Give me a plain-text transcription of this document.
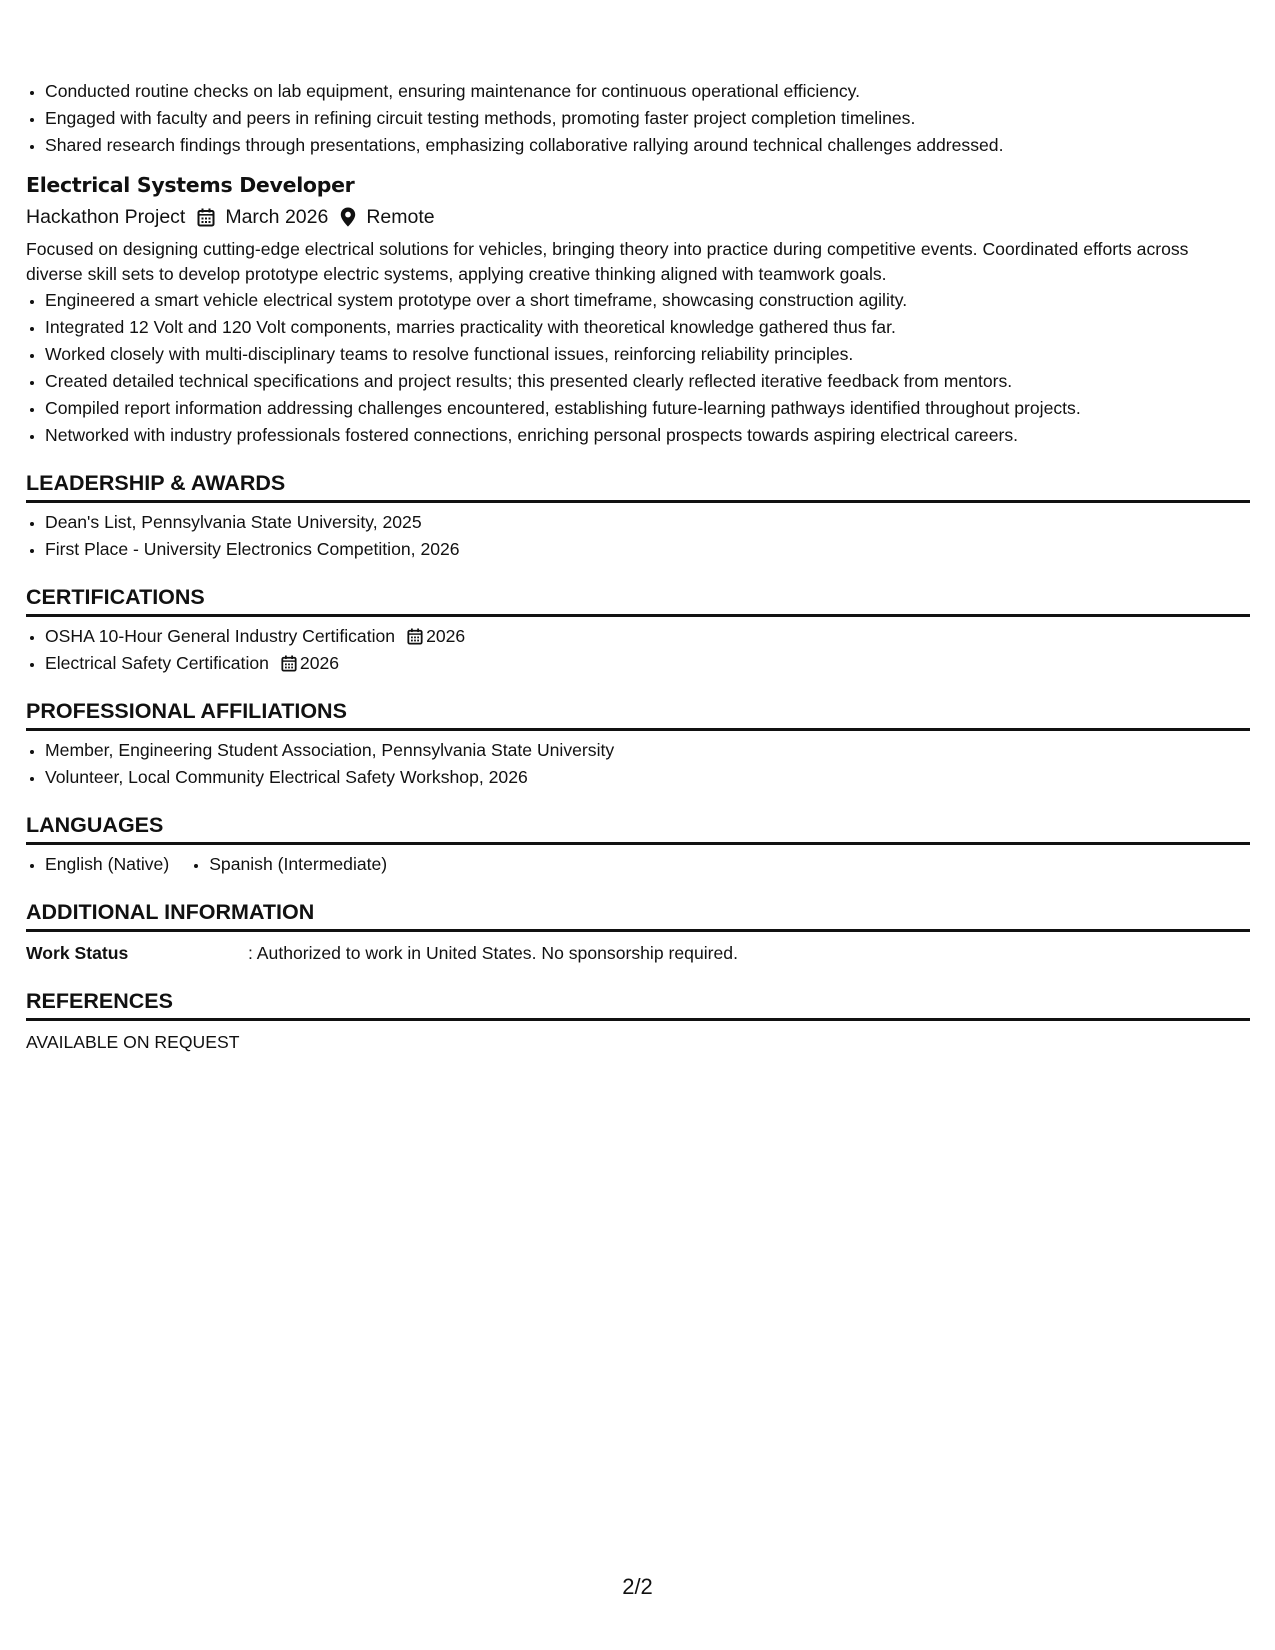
• Conducted routine checks on lab equipment, ensuring maintenance for continuous operational efficiency.
• Engaged with faculty and peers in refining circuit testing methods, promoting faster project completion timelines.
• Shared research findings through presentations, emphasizing collaborative rallying around technical challenges addressed.
Electrical Systems Developer
Hackathon Project March 2026 Remote
Focused on designing cutting-edge electrical solutions for vehicles, bringing theory into practice during competitive events. Coordinated efforts across diverse skill sets to develop prototype electric systems, applying creative thinking aligned with teamwork goals.
• Engineered a smart vehicle electrical system prototype over a short timeframe, showcasing construction agility.
• Integrated 12 Volt and 120 Volt components, marries practicality with theoretical knowledge gathered thus far.
• Worked closely with multi-disciplinary teams to resolve functional issues, reinforcing reliability principles.
• Created detailed technical specifications and project results; this presented clearly reflected iterative feedback from mentors.
• Compiled report information addressing challenges encountered, establishing future-learning pathways identified throughout projects.
• Networked with industry professionals fostered connections, enriching personal prospects towards aspiring electrical careers.
LEADERSHIP & AWARDS
• Dean's List, Pennsylvania State University, 2025
• First Place - University Electronics Competition, 2026
CERTIFICATIONS
• OSHA 10-Hour General Industry Certification 2026
• Electrical Safety Certification 2026
PROFESSIONAL AFFILIATIONS
• Member, Engineering Student Association, Pennsylvania State University
• Volunteer, Local Community Electrical Safety Workshop, 2026
LANGUAGES
• English (Native)
• Spanish (Intermediate)
ADDITIONAL INFORMATION
Work Status	: Authorized to work in United States. No sponsorship required.
REFERENCES
AVAILABLE ON REQUEST
2/2
